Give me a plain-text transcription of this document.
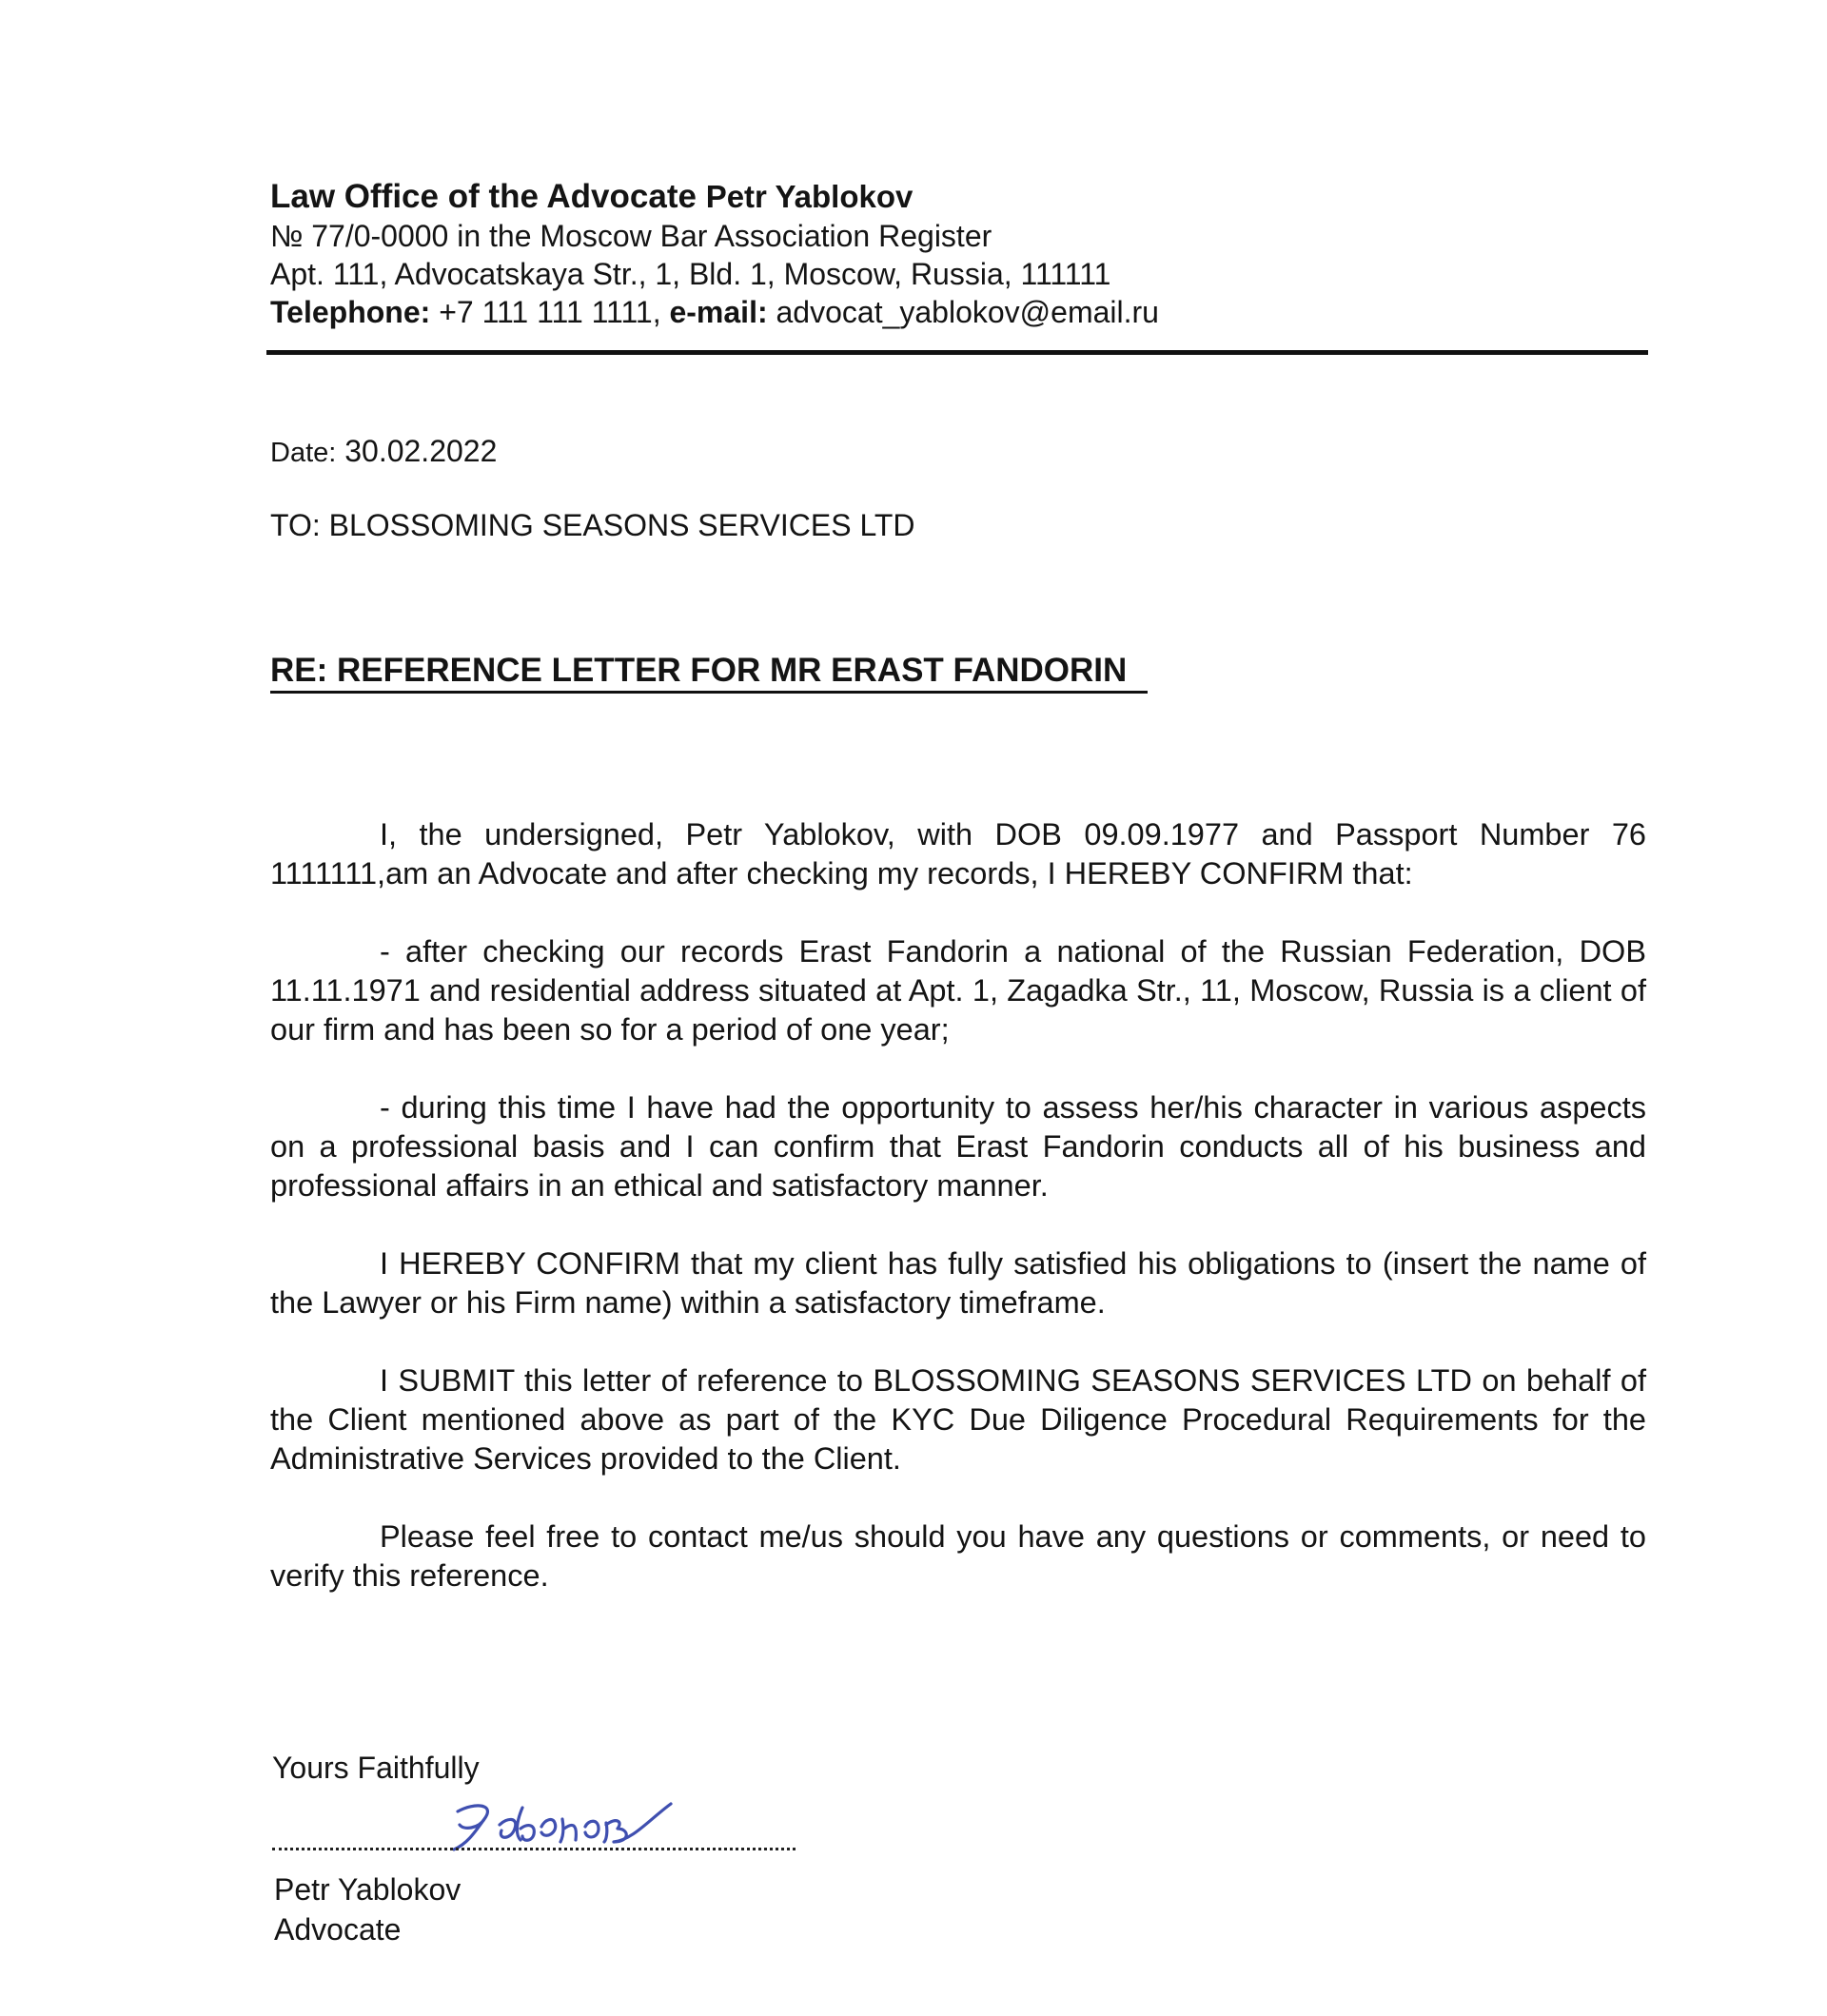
Law Office of the Advocate Petr Yablokov
№ 77/0-0000 in the Moscow Bar Association Register
Apt. 111, Advocatskaya Str., 1, Bld. 1, Moscow, Russia, 111111
Telephone: +7 111 111 1111, e-mail: advocat_yablokov@email.ru
Date: 30.02.2022
TO: BLOSSOMING SEASONS SERVICES LTD
RE: REFERENCE LETTER FOR MR ERAST FANDORIN

I, the undersigned, Petr Yablokov, with DOB 09.09.1977 and Passport Number 76 1111111,am an Advocate and after checking my records, I HEREBY CONFIRM that:

- after checking our records Erast Fandorin a national of the Russian Federation, DOB 11.11.1971 and residential address situated at Apt. 1, Zagadka Str., 11, Moscow, Russia is a client of our firm and has been so for a period of one year;

- during this time I have had the opportunity to assess her/his character in various aspects on a professional basis and I can confirm that Erast Fandorin conducts all of his business and professional affairs in an ethical and satisfactory manner.

I HEREBY CONFIRM that my client has fully satisfied his obligations to (insert the name of the Lawyer or his Firm name) within a satisfactory timeframe.

I SUBMIT this letter of reference to BLOSSOMING SEASONS SERVICES LTD on behalf of the Client mentioned above as part of the KYC Due Diligence Procedural Requirements for the Administrative Services provided to the Client.

Please feel free to contact me/us should you have any questions or comments, or need to verify this reference.

Yours Faithfully
Petr Yablokov
Advocate
